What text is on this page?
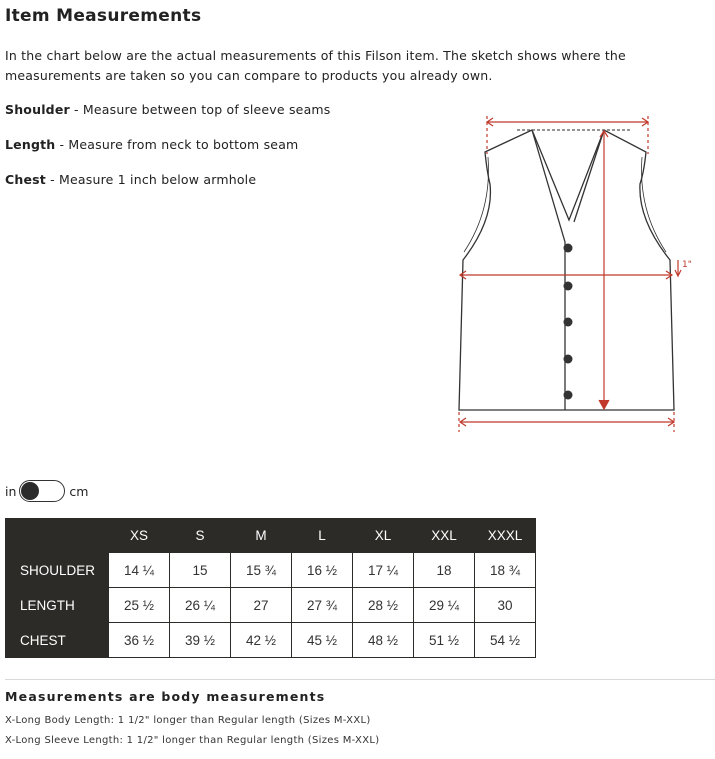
Item Measurements

In the chart below are the actual measurements of this Filson item. The sketch shows where the measurements are taken so you can compare to products you already own.

Shoulder - Measure between top of sleeve seams

Length - Measure from neck to bottom seam

Chest - Measure 1 inch below armhole

1"
in	cm
	XS	S	M	L	XL	XXL	XXXL
SHOULDER	14 ¼	15	15 ¾	16 ½	17 ¼	18	18 ¾
LENGTH	25 ½	26 ¼	27	27 ¾	28 ½	29 ¼	30
CHEST	36 ½	39 ½	42 ½	45 ½	48 ½	51 ½	54 ½
Measurements are body measurements

X-Long Body Length: 1 1/2" longer than Regular length (Sizes M-XXL)

X-Long Sleeve Length: 1 1/2" longer than Regular length (Sizes M-XXL)
